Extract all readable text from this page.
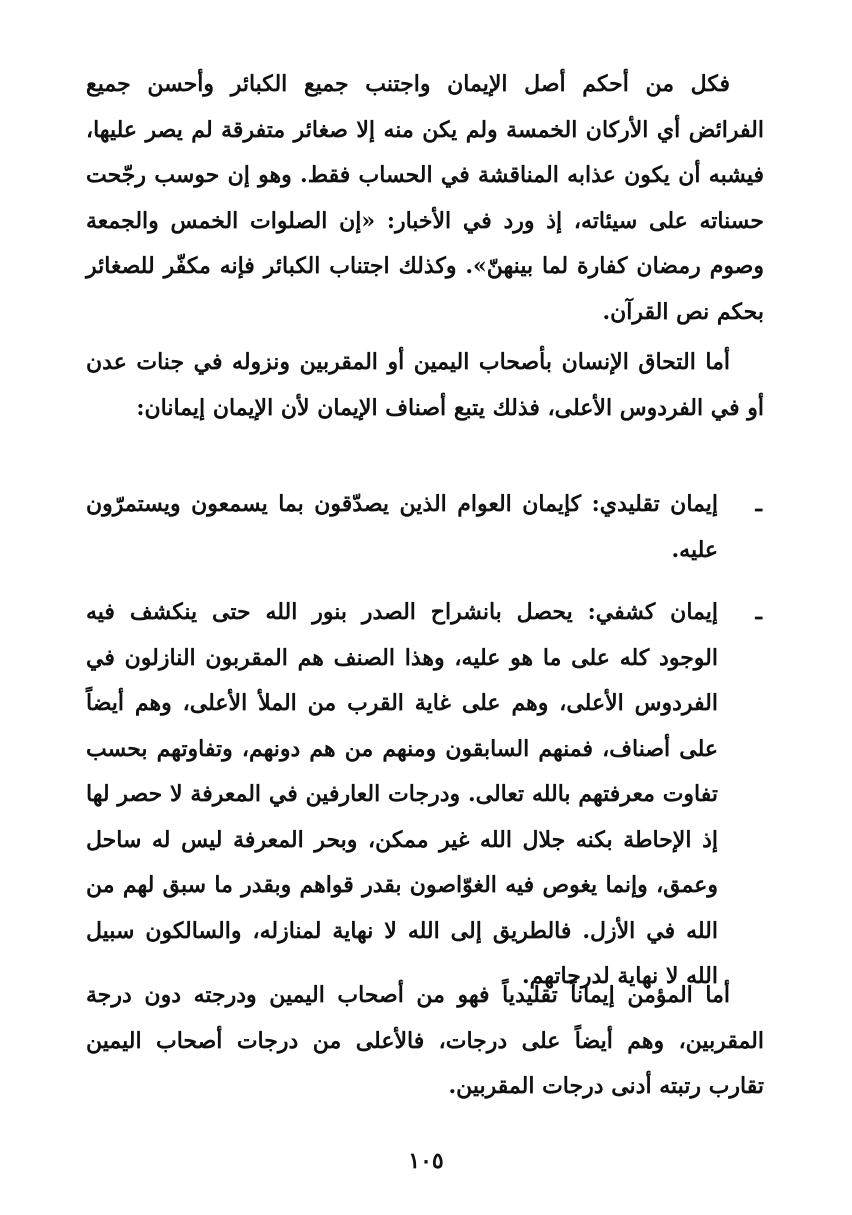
فكل من أحكم أصل الإيمان واجتنب جميع الكبائر وأحسن جميع الفرائض أي الأركان الخمسة ولم يكن منه إلا صغائر متفرقة لم يصر عليها، فيشبه أن يكون عذابه المناقشة في الحساب فقط. وهو إن حوسب رجّحت حسناته على سيئاته، إذ ورد في الأخبار: «إن الصلوات الخمس والجمعة وصوم رمضان كفارة لما بينهنّ». وكذلك اجتناب الكبائر فإنه مكفّر للصغائر بحكم نص القرآن.

أما التحاق الإنسان بأصحاب اليمين أو المقربين ونزوله في جنات عدن أو في الفردوس الأعلى، فذلك يتبع أصناف الإيمان لأن الإيمان إيمانان:

ـ
إيمان تقليدي: كإيمان العوام الذين يصدّقون بما يسمعون ويستمرّون عليه.
ـ
إيمان كشفي: يحصل بانشراح الصدر بنور الله حتى ينكشف فيه الوجود كله على ما هو عليه، وهذا الصنف هم المقربون النازلون في الفردوس الأعلى، وهم على غاية القرب من الملأ الأعلى، وهم أيضاً على أصناف، فمنهم السابقون ومنهم من هم دونهم، وتفاوتهم بحسب تفاوت معرفتهم بالله تعالى. ودرجات العارفين في المعرفة لا حصر لها إذ الإحاطة بكنه جلال الله غير ممكن، وبحر المعرفة ليس له ساحل وعمق، وإنما يغوص فيه الغوّاصون بقدر قواهم وبقدر ما سبق لهم من الله في الأزل. فالطريق إلى الله لا نهاية لمنازله، والسالكون سبيل الله لا نهاية لدرجاتهم.

أما المؤمن إيماناً تقليدياً فهو من أصحاب اليمين ودرجته دون درجة المقربين، وهم أيضاً على درجات، فالأعلى من درجات أصحاب اليمين تقارب رتبته أدنى درجات المقربين.

١٠٥
